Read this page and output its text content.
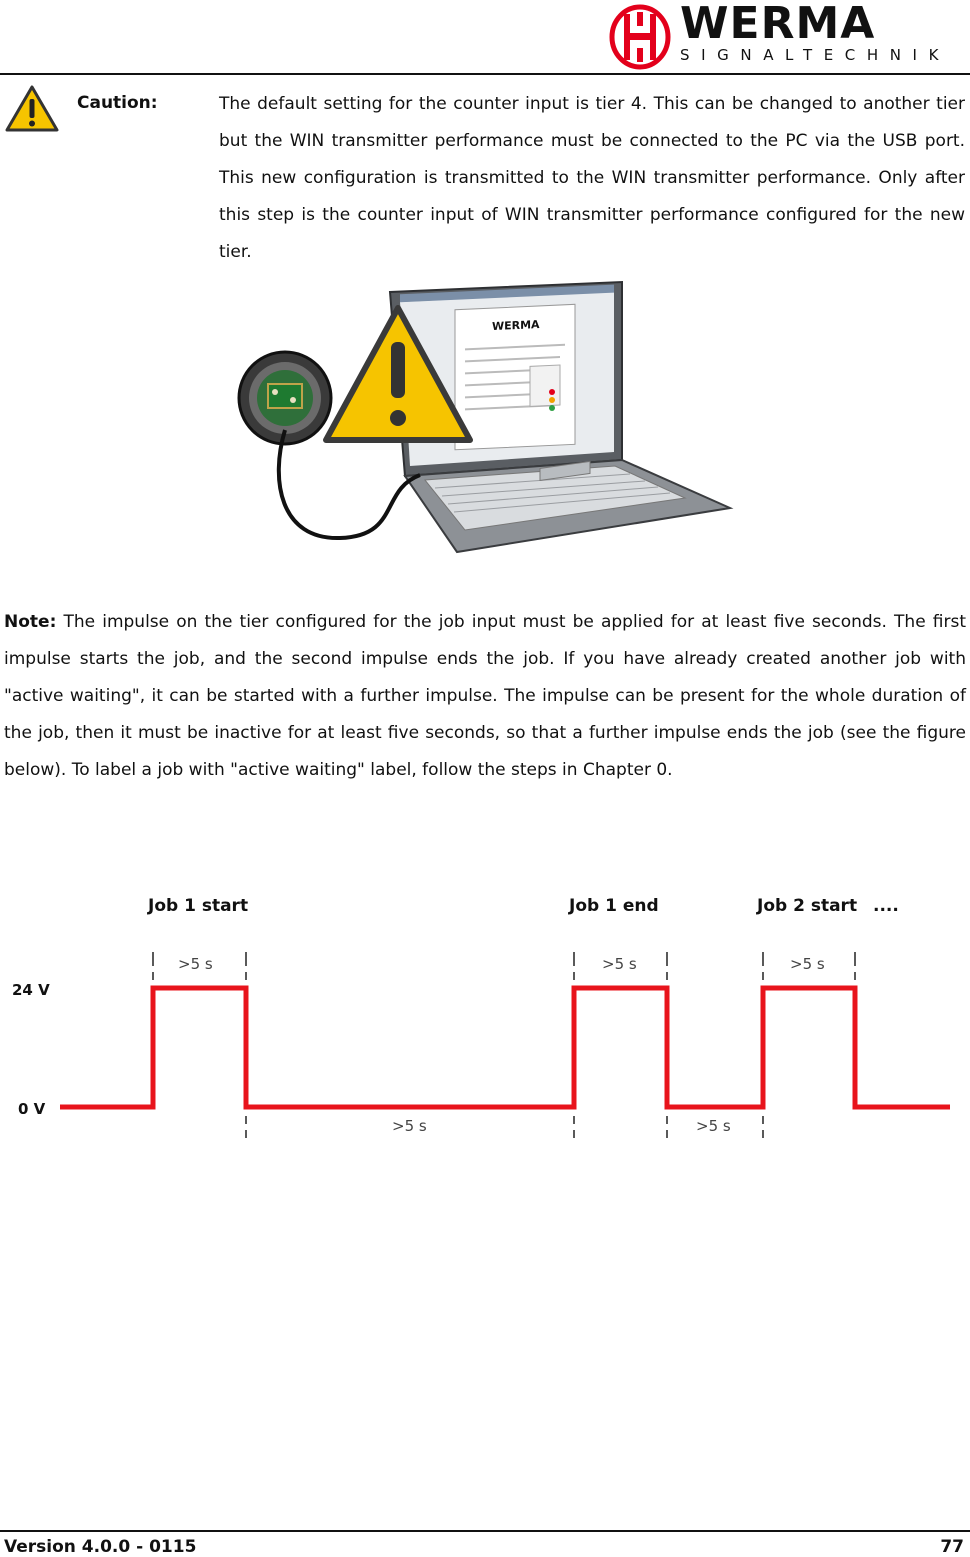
WERMA
SIGNALTECHNIK
Caution:	The default setting for the counter input is tier 4. This can be changed to another tier but the WIN transmitter performance must be connected to the PC via the USB port. This new configuration is transmitted to the WIN transmitter performance. Only after this step is the counter input of WIN transmitter performance configured for the new tier.

WERMA

Note: The impulse on the tier configured for the job input must be applied for at least five seconds. The first impulse starts the job, and the second impulse ends the job. If you have already created another job with "active waiting", it can be started with a further impulse. The impulse can be present for the whole duration of the job, then it must be inactive for at least five seconds, so that a further impulse ends the job (see the figure below). To label a job with "active waiting" label, follow the steps in Chapter 0.

Job 1 start	Job 1 end	Job 2 start ....
24 V
0 V
>5 s	>5 s	>5 s
>5 s	>5 s
Version 4.0.0 - 0115	77
